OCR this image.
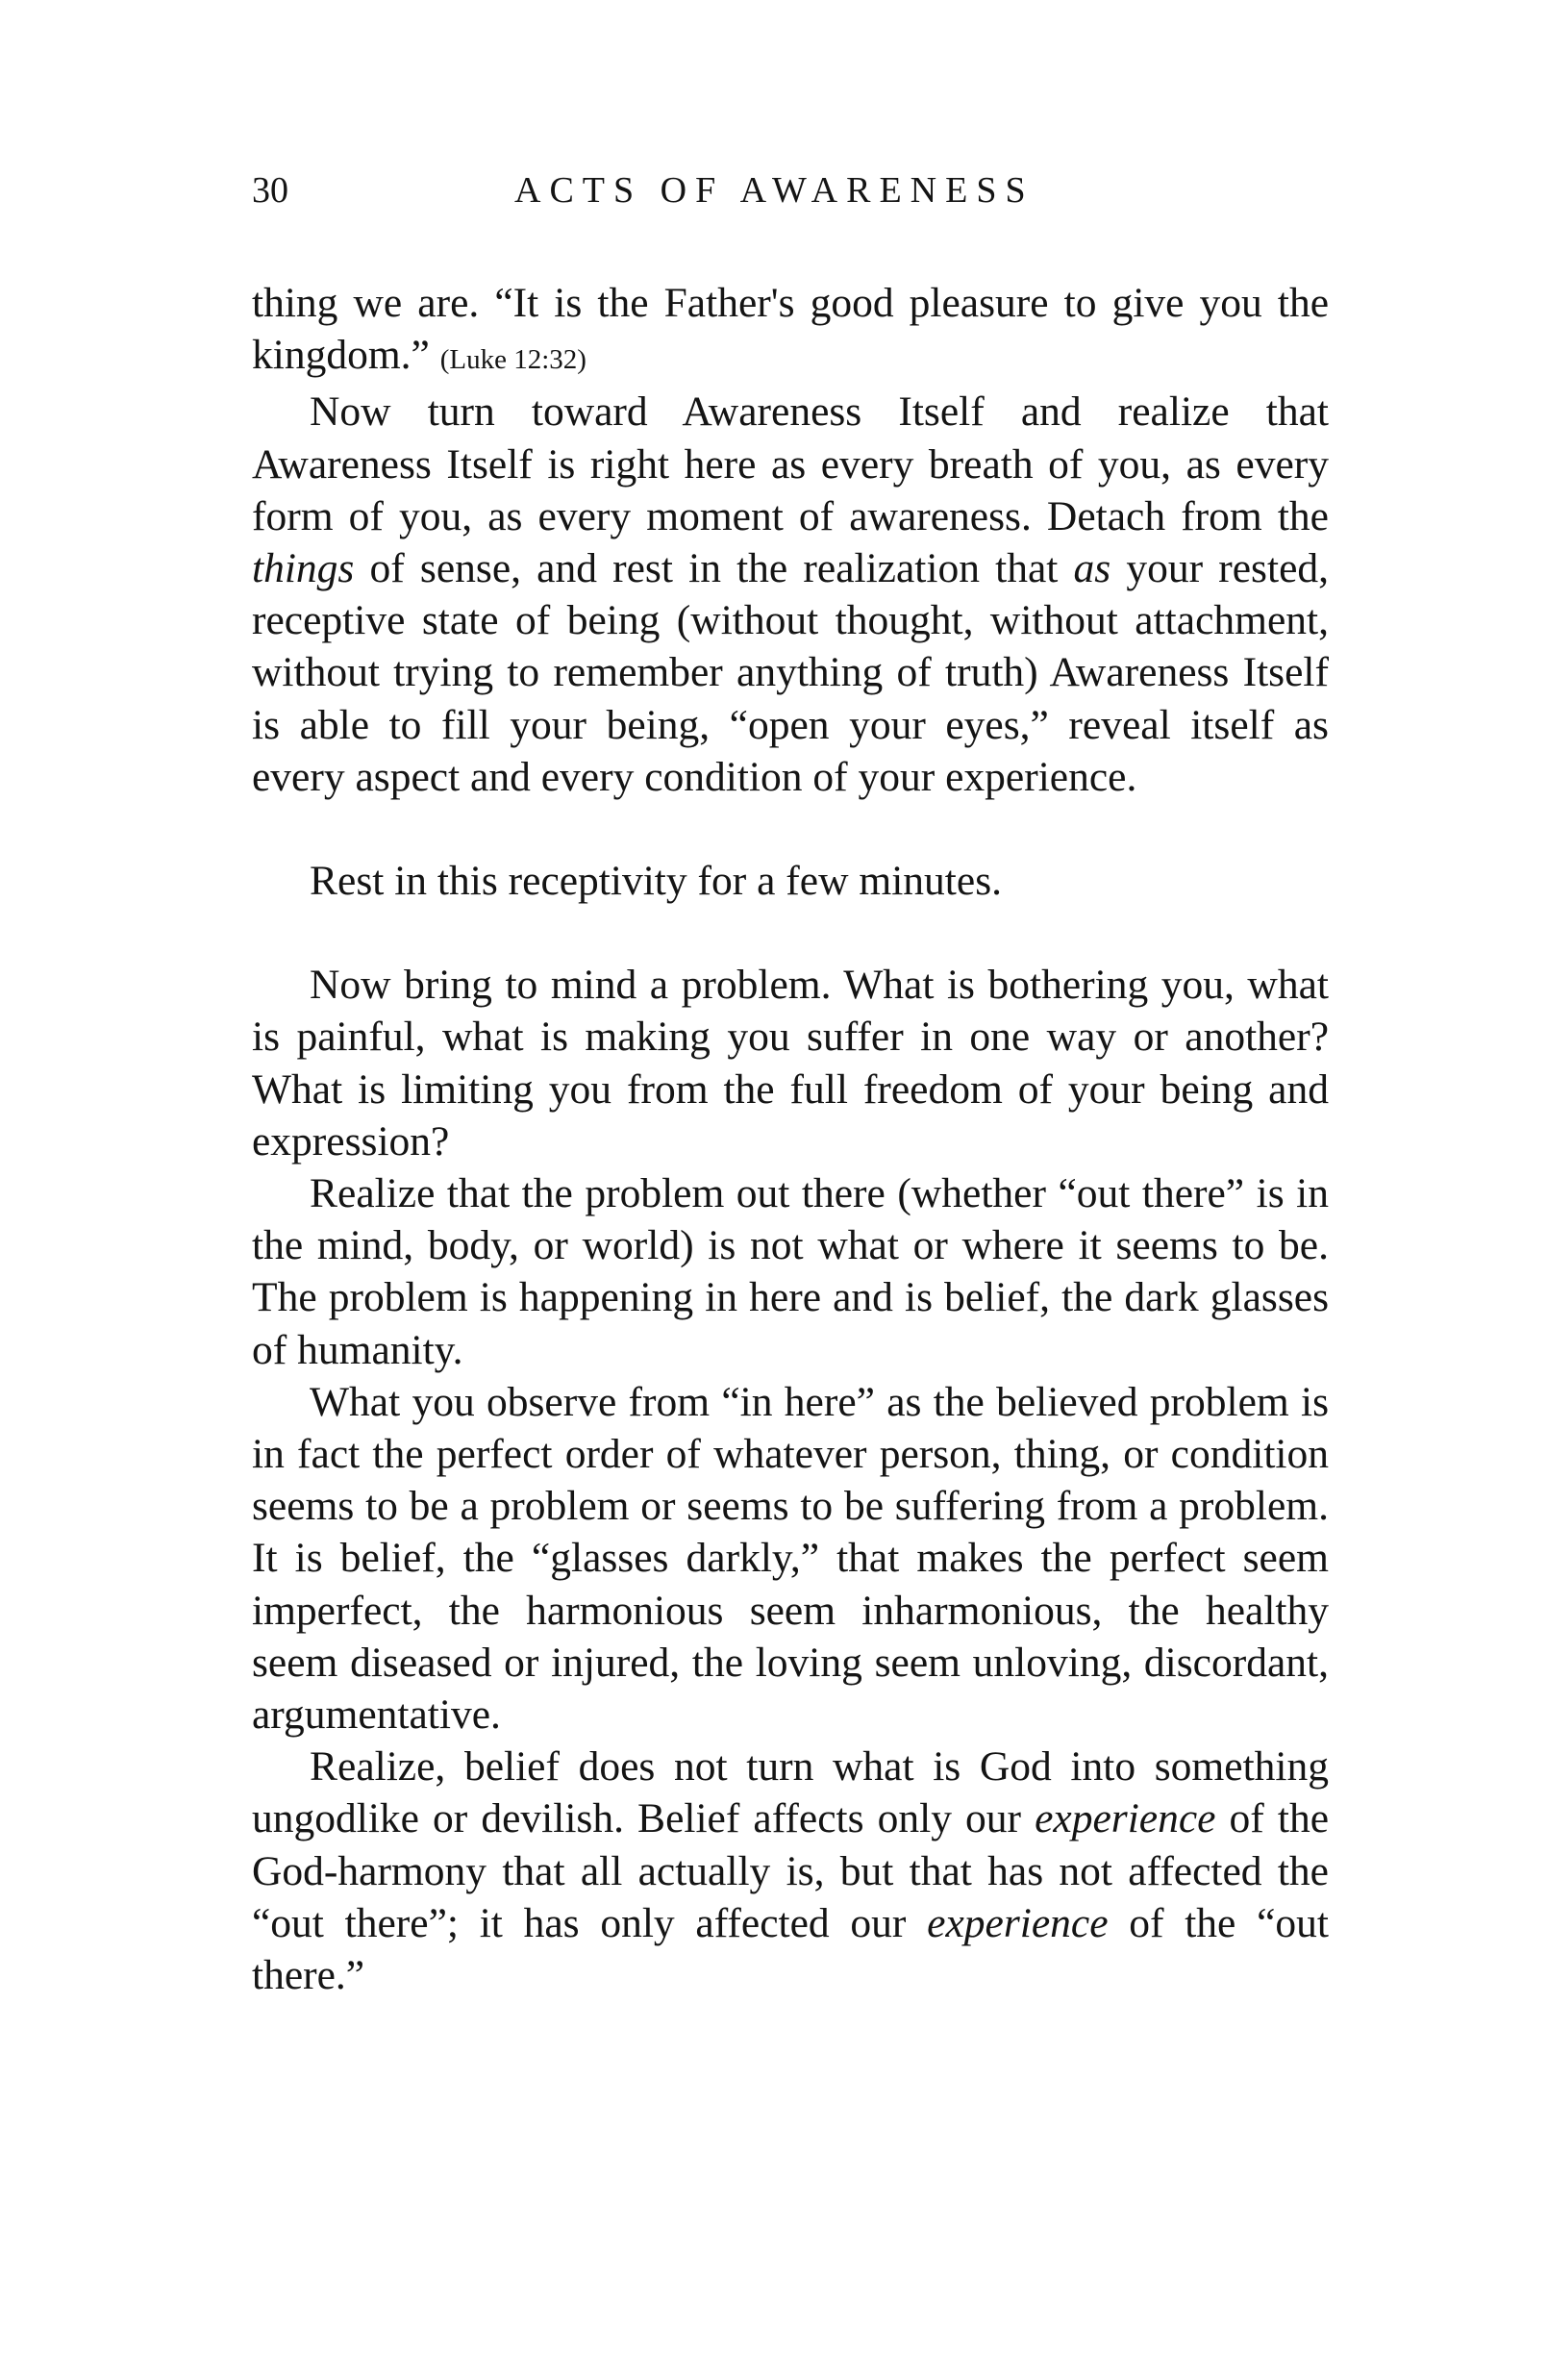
30	ACTS OF AWARENESS

thing we are. “It is the Father's good pleasure to give you the kingdom.” (Luke 12:32)

Now turn toward Awareness Itself and realize that Awareness Itself is right here as every breath of you, as every form of you, as every moment of awareness. Detach from the things of sense, and rest in the realization that as your rested, receptive state of being (without thought, without attachment, without trying to remember anything of truth) Awareness Itself is able to fill your being, “open your eyes,” reveal itself as every aspect and every condition of your experience.

Rest in this receptivity for a few minutes.

Now bring to mind a problem. What is bothering you, what is painful, what is making you suffer in one way or another? What is limiting you from the full freedom of your being and expression?

Realize that the problem out there (whether “out there” is in the mind, body, or world) is not what or where it seems to be. The problem is happening in here and is belief, the dark glasses of humanity.

What you observe from “in here” as the believed problem is in fact the perfect order of whatever person, thing, or condition seems to be a problem or seems to be suffering from a problem. It is belief, the “glasses darkly,” that makes the perfect seem imperfect, the harmonious seem inharmonious, the healthy seem diseased or injured, the loving seem unloving, discordant, argumentative.

Realize, belief does not turn what is God into something ungodlike or devilish. Belief affects only our experience of the God-harmony that all actually is, but that has not affected the “out there”; it has only affected our experience of the “out there.”
